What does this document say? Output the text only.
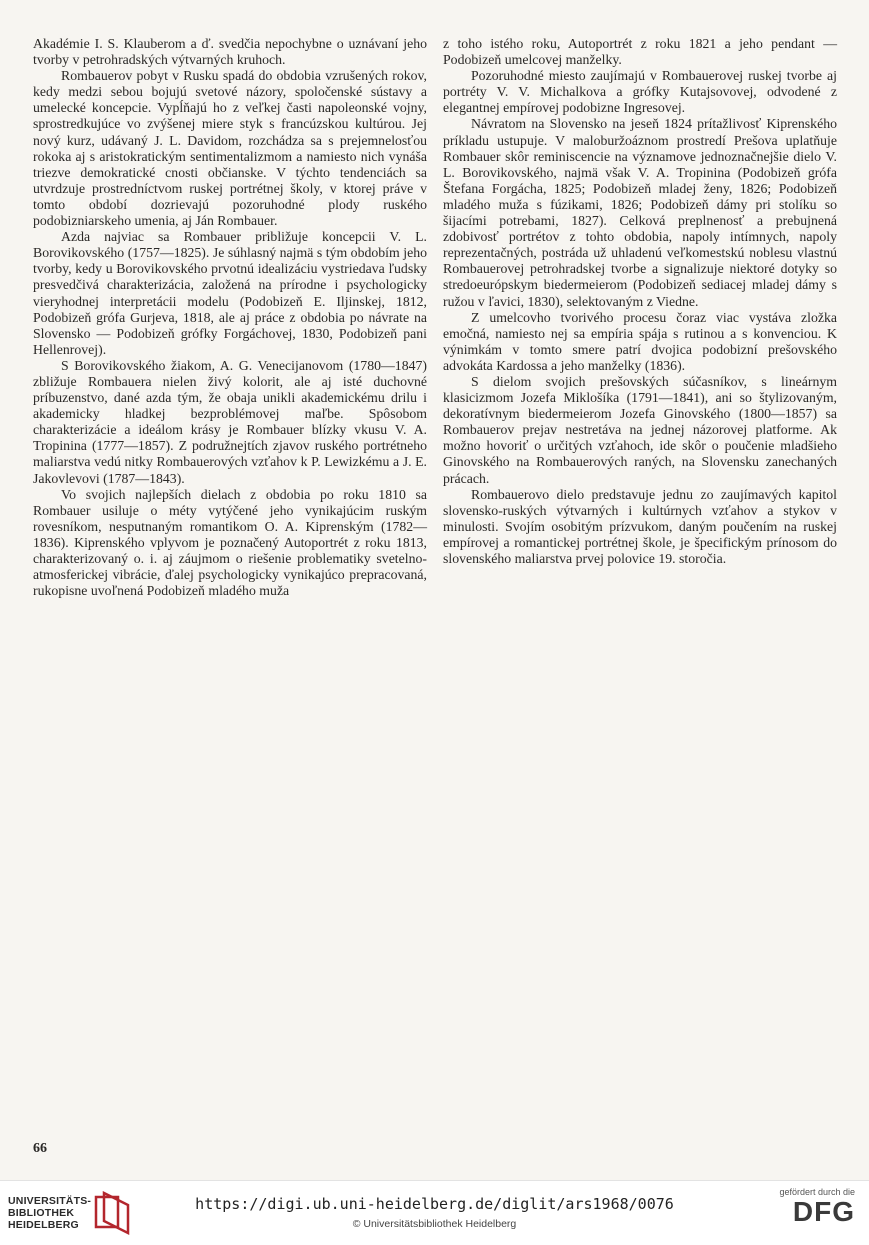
Akadémie I. S. Klauberom a ď. svedčia nepochybne o uznávaní jeho tvorby v petrohradských výtvarných kruhoch.

Rombauerov pobyt v Rusku spadá do obdobia vzrušených rokov, kedy medzi sebou bojujú svetové názory, spoločenské sústavy a umelecké koncepcie. Vypĺňajú ho z veľkej časti napoleonské vojny, sprostredkujúce vo zvýšenej miere styk s francúzskou kultúrou. Jej nový kurz, udávaný J. L. Davidom, rozchádza sa s prejemnelosťou rokoka aj s aristokratickým sentimentalizmom a namiesto nich vynáša triezve demokratické cnosti občianske. V týchto tendenciách sa utvrdzuje prostredníctvom ruskej portrétnej školy, v ktorej práve v tomto období dozrievajú pozoruhodné plody ruského podobizniarskeho umenia, aj Ján Rombauer.

Azda najviac sa Rombauer približuje koncepcii V. L. Borovikovského (1757—1825). Je súhlasný najmä s tým obdobím jeho tvorby, kedy u Borovikovského prvotnú idealizáciu vystriedava ľudsky presvedčivá charakterizácia, založená na prírodne i psychologicky vieryhodnej interpretácii modelu (Podobizeň E. Iljinskej, 1812, Podobizeň grófa Gurjeva, 1818, ale aj práce z obdobia po návrate na Slovensko — Podobizeň grófky Forgáchovej, 1830, Podobizeň pani Hellenrovej).

S Borovikovského žiakom, A. G. Venecijanovom (1780—1847) zbližuje Rombauera nielen živý kolorit, ale aj isté duchovné príbuzenstvo, dané azda tým, že obaja unikli akademickému drilu i akademicky hladkej bezproblémovej maľbe. Spôsobom charakterizácie a ideálom krásy je Rombauer blízky vkusu V. A. Tropinina (1777—1857). Z podružnejtích zjavov ruského portrétneho maliarstva vedú nitky Rombauerových vzťahov k P. Lewizkému a J. E. Jakovlevovi (1787—1843).

Vo svojich najlepších dielach z obdobia po roku 1810 sa Rombauer usiluje o méty vytýčené jeho vynikajúcim ruským rovesníkom, nesputnaným romantikom O. A. Kiprenským (1782—1836). Kiprenského vplyvom je poznačený Autoportrét z roku 1813, charakterizovaný o. i. aj záujmom o riešenie problematiky svetelno-atmosferickej vibrácie, ďalej psychologicky vynikajúco prepracovaná, rukopisne uvoľnená Podobizeň mladého muža

z toho istého roku, Autoportrét z roku 1821 a jeho pendant — Podobizeň umelcovej manželky.

Pozoruhodné miesto zaujímajú v Rombauerovej ruskej tvorbe aj portréty V. V. Michalkova a grófky Kutajsovovej, odvodené z elegantnej empírovej podobizne Ingresovej.

Návratom na Slovensko na jeseň 1824 prítažlivosť Kiprenského príkladu ustupuje. V maloburžoáznom prostredí Prešova uplatňuje Rombauer skôr reminiscencie na významove jednoznačnejšie dielo V. L. Borovikovského, najmä však V. A. Tropinina (Podobizeň grófa Štefana Forgácha, 1825; Podobizeň mladej ženy, 1826; Podobizeň mladého muža s fúzikami, 1826; Podobizeň dámy pri stolíku so šijacími potrebami, 1827). Celková preplnenosť a prebujnená zdobivosť portrétov z tohto obdobia, napoly intímnych, napoly reprezentačných, postráda už uhladenú veľkomestskú noblesu vlastnú Rombauerovej petrohradskej tvorbe a signalizuje niektoré dotyky so stredoeurópskym biedermeierom (Podobizeň sediacej mladej dámy s ružou v ľavici, 1830), selektovaným z Viedne.

Z umelcovho tvorivého procesu čoraz viac vystáva zložka emočná, namiesto nej sa empíria spája s rutinou a s konvenciou. K výnimkám v tomto smere patrí dvojica podobizní prešovského advokáta Kardossa a jeho manželky (1836).

S dielom svojich prešovských súčasníkov, s lineárnym klasicizmom Jozefa Miklošíka (1791—1841), ani so štylizovaným, dekoratívnym biedermeierom Jozefa Ginovského (1800—1857) sa Rombauerov prejav nestretáva na jednej názorovej platforme. Ak možno hovoriť o určitých vzťahoch, ide skôr o poučenie mladšieho Ginovského na Rombauerových raných, na Slovensku zanechaných prácach.

Rombauerovo dielo predstavuje jednu zo zaujímavých kapitol slovensko-ruských výtvarných i kultúrnych vzťahov a stykov v minulosti. Svojím osobitým prízvukom, daným poučením na ruskej empírovej a romantickej portrétnej škole, je špecifickým prínosom do slovenského maliarstva prvej polovice 19. storočia.

66
UNIVERSITÄTS-
BIBLIOTHEK
HEIDELBERG
https://digi.ub.uni-heidelberg.de/diglit/ars1968/0076
© Universitätsbibliothek Heidelberg
gefördert durch die
DFG
